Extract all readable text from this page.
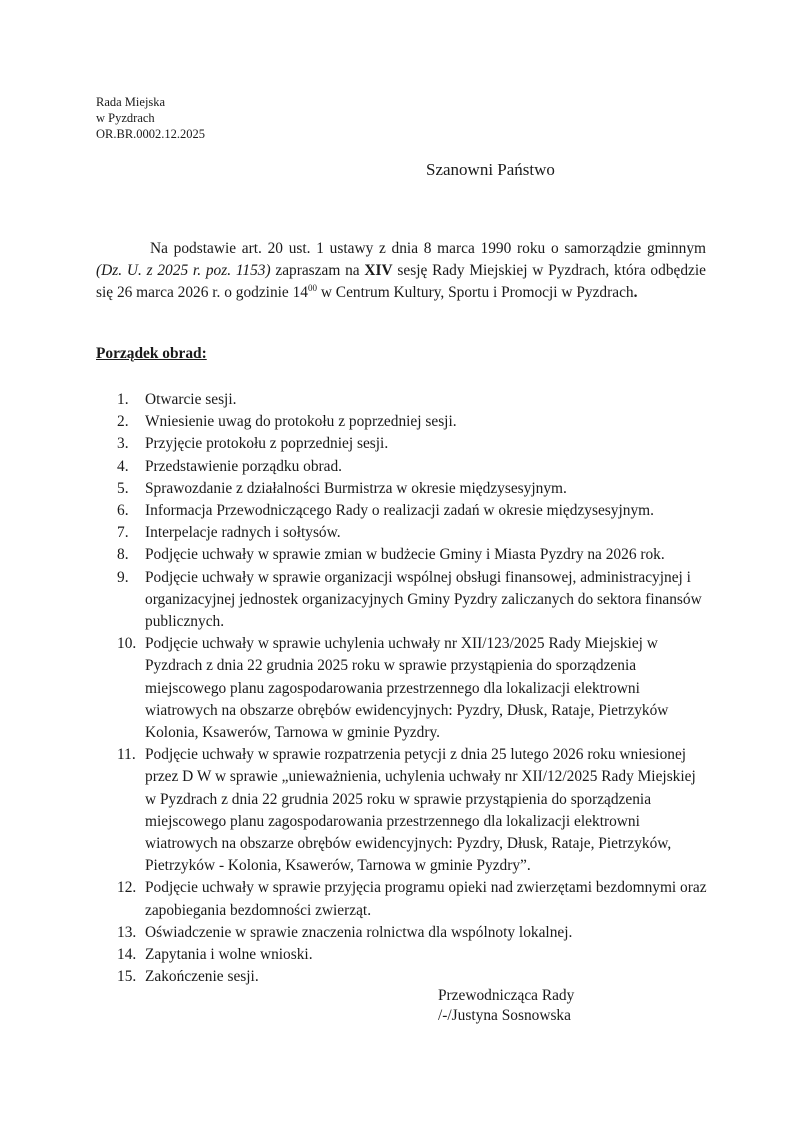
Rada Miejska
w Pyzdrach
OR.BR.0002.12.2025
Szanowni Państwo
Na podstawie art. 20 ust. 1 ustawy z dnia 8 marca 1990 roku o samorządzie gminnym (Dz. U. z 2025 r. poz. 1153) zapraszam na XIV sesję Rady Miejskiej w Pyzdrach, która odbędzie się 26 marca 2026 r. o godzinie $14^{00}$ w Centrum Kultury, Sportu i Promocji w Pyzdrach.
Porządek obrad:
1. Otwarcie sesji.
2. Wniesienie uwag do protokołu z poprzedniej sesji.
3. Przyjęcie protokołu z poprzedniej sesji.
4. Przedstawienie porządku obrad.
5. Sprawozdanie z działalności Burmistrza w okresie międzysesyjnym.
6. Informacja Przewodniczącego Rady o realizacji zadań w okresie międzysesyjnym.
7. Interpelacje radnych i sołtysów.
8. Podjęcie uchwały w sprawie zmian w budżecie Gminy i Miasta Pyzdry na 2026 rok.
9. Podjęcie uchwały w sprawie organizacji wspólnej obsługi finansowej, administracyjnej i organizacyjnej jednostek organizacyjnych Gminy Pyzdry zaliczanych do sektora finansów publicznych.
10. Podjęcie uchwały w sprawie uchylenia uchwały nr XII/123/2025 Rady Miejskiej w Pyzdrach z dnia 22 grudnia 2025 roku w sprawie przystąpienia do sporządzenia miejscowego planu zagospodarowania przestrzennego dla lokalizacji elektrowni wiatrowych na obszarze obrębów ewidencyjnych: Pyzdry, Dłusk, Rataje, Pietrzyków Kolonia, Ksawerów, Tarnowa w gminie Pyzdry.
11. Podjęcie uchwały w sprawie rozpatrzenia petycji z dnia 25 lutego 2026 roku wniesionej przez D W w sprawie „unieważnienia, uchylenia uchwały nr XII/12/2025 Rady Miejskiej w Pyzdrach z dnia 22 grudnia 2025 roku w sprawie przystąpienia do sporządzenia miejscowego planu zagospodarowania przestrzennego dla lokalizacji elektrowni wiatrowych na obszarze obrębów ewidencyjnych: Pyzdry, Dłusk, Rataje, Pietrzyków, Pietrzyków - Kolonia, Ksawerów, Tarnowa w gminie Pyzdry”.
12. Podjęcie uchwały w sprawie przyjęcia programu opieki nad zwierzętami bezdomnymi oraz zapobiegania bezdomności zwierząt.
13. Oświadczenie w sprawie znaczenia rolnictwa dla wspólnoty lokalnej.
14. Zapytania i wolne wnioski.
15. Zakończenie sesji.
Przewodnicząca Rady
/-/Justyna Sosnowska
